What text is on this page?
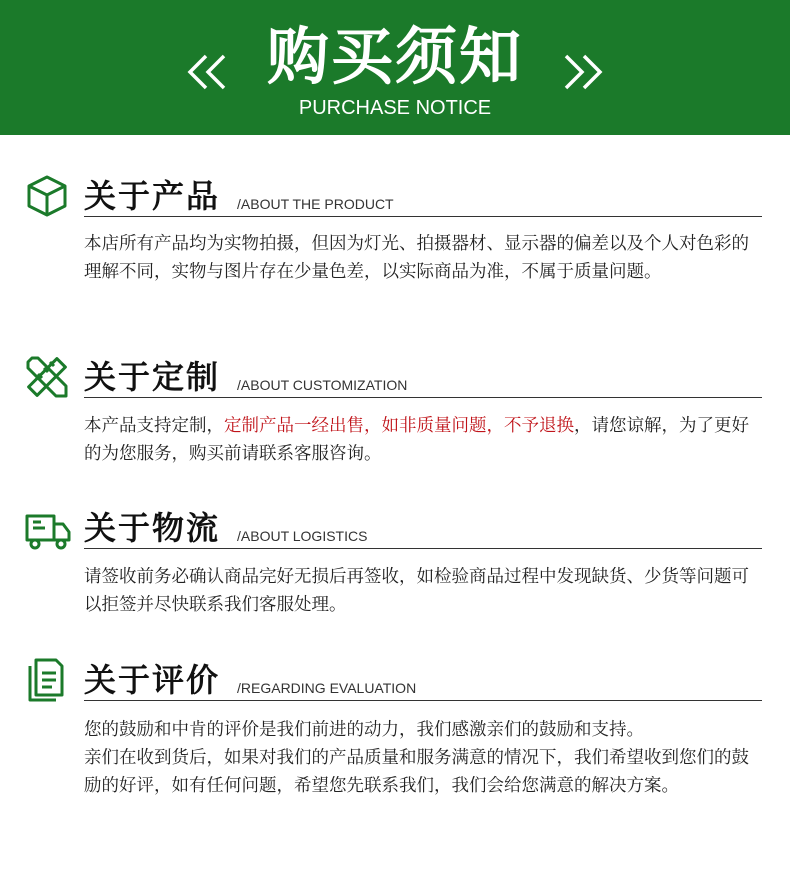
购买须知
PURCHASE NOTICE
关于产品 /ABOUT THE PRODUCT
本店所有产品均为实物拍摄，但因为灯光、拍摄器材、显示器的偏差以及个人对色彩的理解不同，实物与图片存在少量色差，以实际商品为准，不属于质量问题。
关于定制 /ABOUT CUSTOMIZATION
本产品支持定制，定制产品一经出售，如非质量问题，不予退换，请您谅解，为了更好的为您服务，购买前请联系客服咨询。
关于物流 /ABOUT LOGISTICS
请签收前务必确认商品完好无损后再签收，如检验商品过程中发现缺货、少货等问题可以拒签并尽快联系我们客服处理。
关于评价 /REGARDING EVALUATION
您的鼓励和中肯的评价是我们前进的动力，我们感激亲们的鼓励和支持。
亲们在收到货后，如果对我们的产品质量和服务满意的情况下，我们希望收到您们的鼓励的好评，如有任何问题，希望您先联系我们，我们会给您满意的解决方案。
